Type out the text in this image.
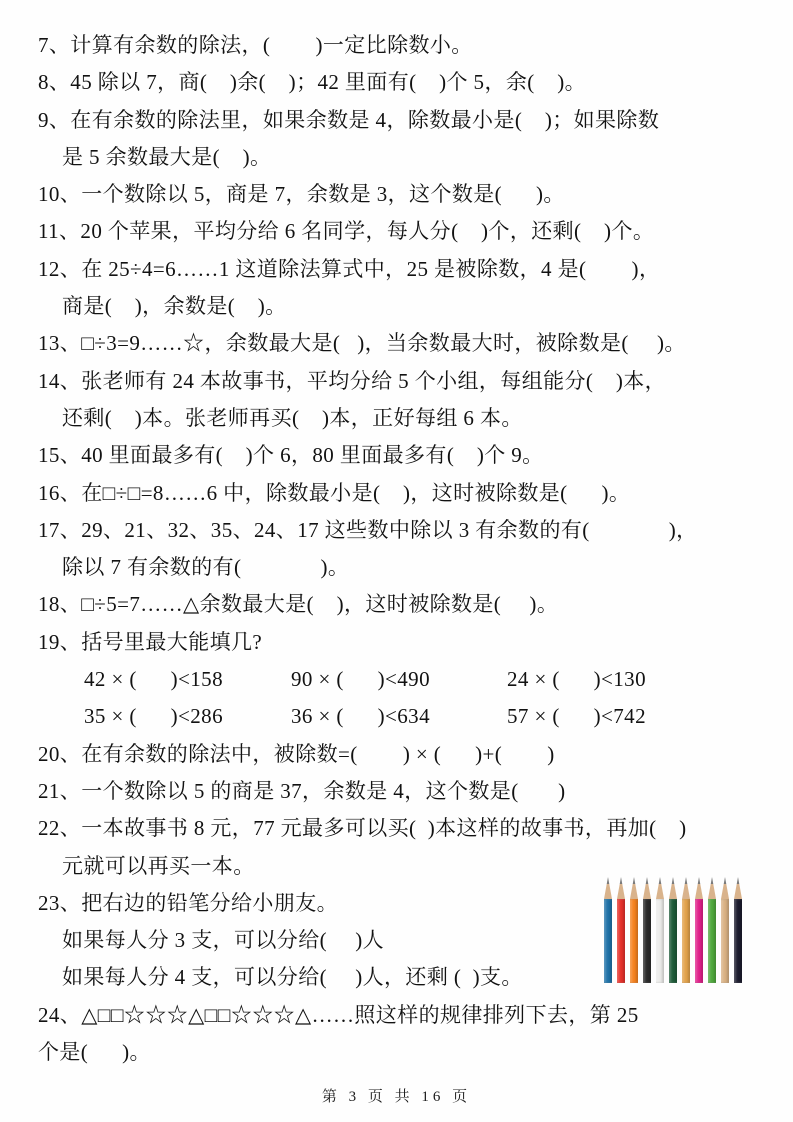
7、计算有余数的除法，(        )一定比除数小。
8、45 除以 7，商(    )余(    )；42 里面有(    )个 5，余(    )。
9、在有余数的除法里，如果余数是 4，除数最小是(    )；如果除数
是 5 余数最大是(    )。
10、一个数除以 5，商是 7，余数是 3，这个数是(      )。
11、20 个苹果，平均分给 6 名同学，每人分(    )个，还剩(    )个。
12、在 25÷4=6……1 这道除法算式中，25 是被除数，4 是(        )，
商是(    )，余数是(    )。
13、□÷3=9……☆，余数最大是(   )，当余数最大时，被除数是(     )。
14、张老师有 24 本故事书，平均分给 5 个小组，每组能分(    )本，
还剩(    )本。张老师再买(    )本，正好每组 6 本。
15、40 里面最多有(    )个 6，80 里面最多有(    )个 9。
16、在□÷□=8……6 中，除数最小是(    )，这时被除数是(      )。
17、29、21、32、35、24、17 这些数中除以 3 有余数的有(              )，
除以 7 有余数的有(              )。
18、□÷5=7……△余数最大是(    )，这时被除数是(     )。
19、括号里最大能填几?
42 × (      )<158	90 × (      )<490	24 × (      )<130
35 × (      )<286	36 × (      )<634	57 × (      )<742
20、在有余数的除法中，被除数=(        ) × (      )+(        )
21、一个数除以 5 的商是 37，余数是 4，这个数是(       )
22、一本故事书 8 元，77 元最多可以买(  )本这样的故事书，再加(    )
元就可以再买一本。
23、把右边的铅笔分给小朋友。
如果每人分 3 支，可以分给(     )人
如果每人分 4 支，可以分给(     )人，还剩 (  )支。
24、△□□☆☆☆△□□☆☆☆△……照这样的规律排列下去，第 25
个是(      )。
第 3 页 共 16 页
